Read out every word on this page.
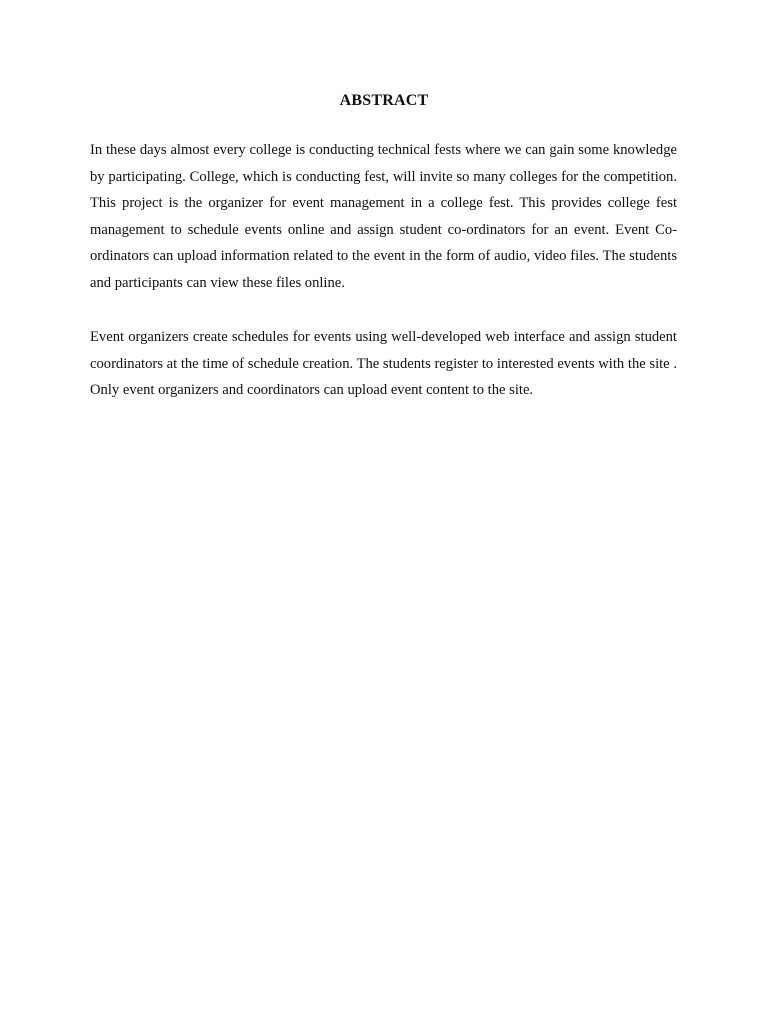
ABSTRACT

In these days almost every college is conducting technical fests where we can gain some knowledge by participating. College, which is conducting fest, will invite so many colleges for the competition. This project is the organizer for event management in a college fest. This provides college fest management to schedule events online and assign student co-ordinators for an event. Event Co-ordinators can upload information related to the event in the form of audio, video files. The students and participants can view these files online.

Event organizers create schedules for events using well-developed web interface and assign student coordinators at the time of schedule creation. The students register to interested events with the site . Only event organizers and coordinators can upload event content to the site.
